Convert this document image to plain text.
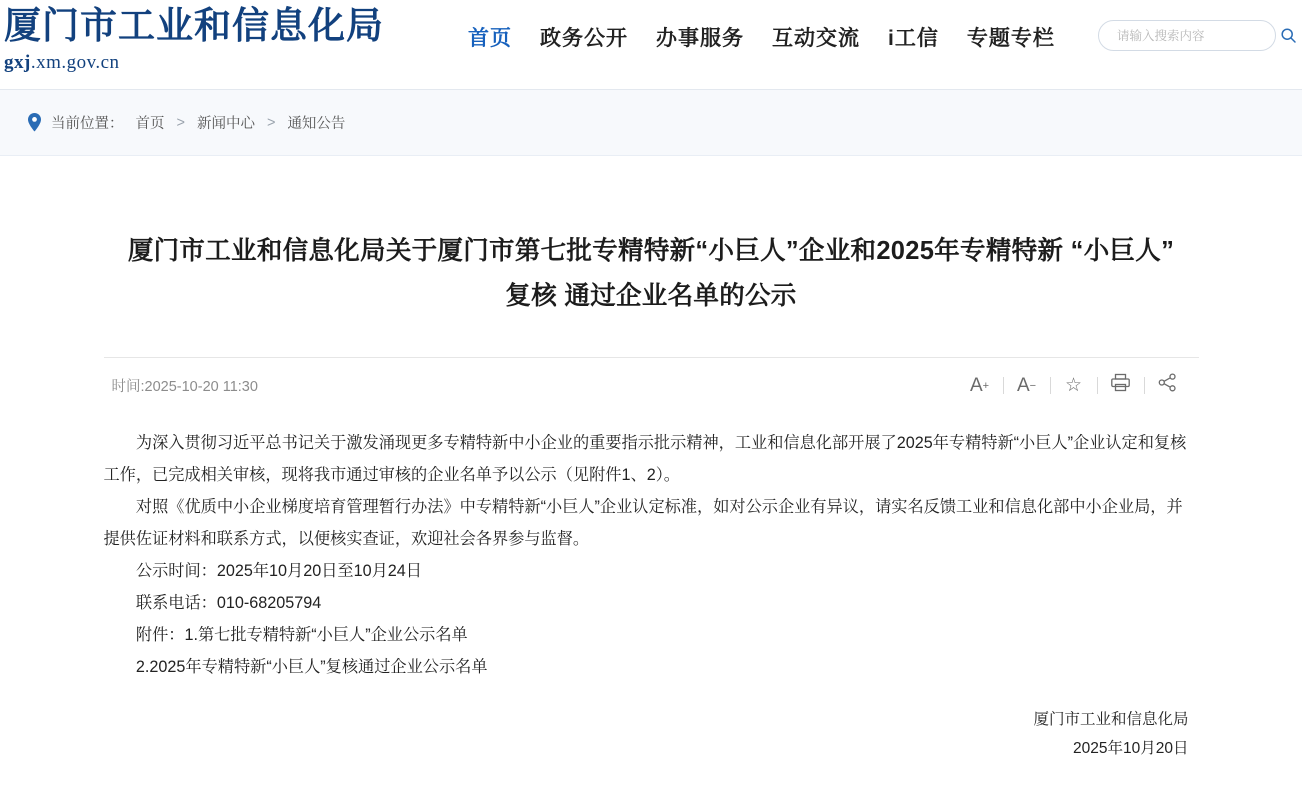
厦门市工业和信息化局
gxj.xm.gov.cn
首页 政务公开 办事服务 互动交流 i工信 专题专栏
请输入搜索内容
当前位置： 首页 > 新闻中心 > 通知公告
厦门市工业和信息化局关于厦门市第七批专精特新“小巨人”企业和2025年专精特新 “小巨人”复核 通过企业名单的公示
时间:2025-10-20 11:30	A + A − ☆

为深入贯彻习近平总书记关于激发涌现更多专精特新中小企业的重要指示批示精神，工业和信息化部开展了2025年专精特新“小巨人”企业认定和复核工作，已完成相关审核，现将我市通过审核的企业名单予以公示（见附件1、2）。

对照《优质中小企业梯度培育管理暂行办法》中专精特新“小巨人”企业认定标准，如对公示企业有异议，请实名反馈工业和信息化部中小企业局，并提供佐证材料和联系方式，以便核实查证，欢迎社会各界参与监督。

公示时间：2025年10月20日至10月24日

联系电话：010-68205794

附件：1.第七批专精特新“小巨人”企业公示名单

2.2025年专精特新“小巨人”复核通过企业公示名单

厦门市工业和信息化局
2025年10月20日
